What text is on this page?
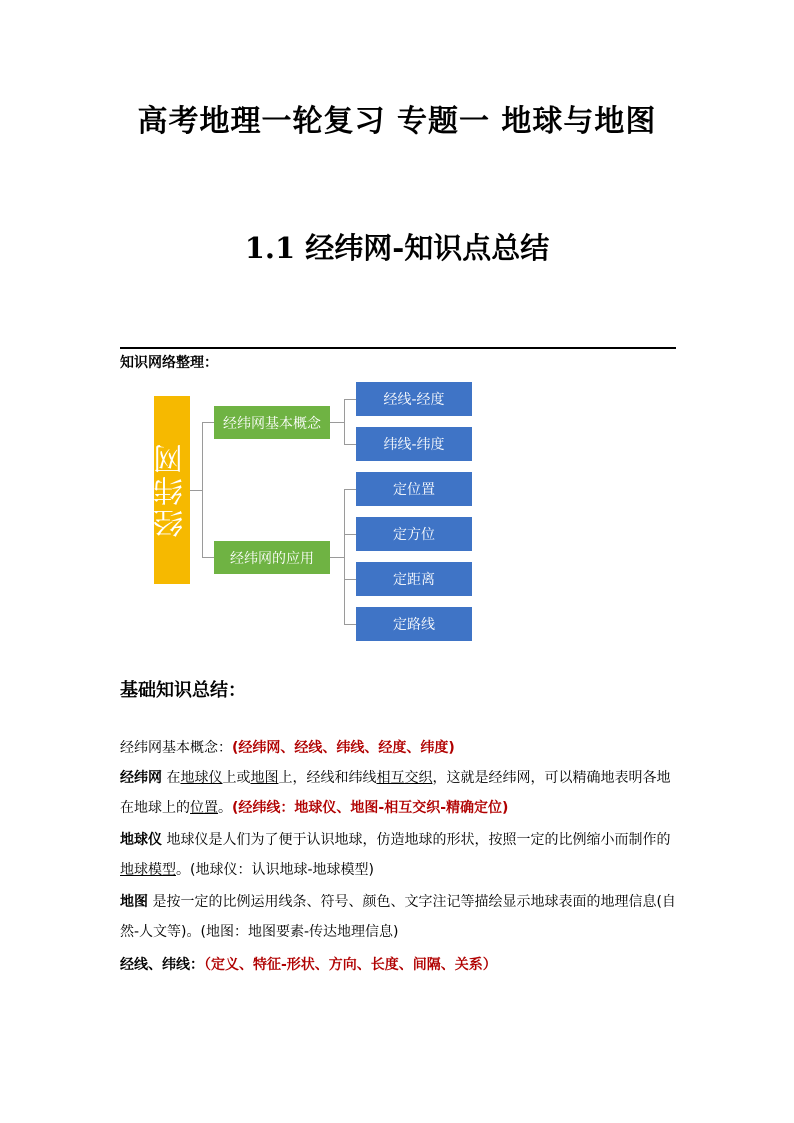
高考地理一轮复习 专题一 地球与地图
1.1 经纬网-知识点总结
知识网络整理：
经纬网
经纬网基本概念
经纬网的应用
经线-经度
纬线-纬度
定位置
定方位
定距离
定路线
基础知识总结：
经纬网基本概念：(经纬网、经线、纬线、经度、纬度)
经纬网 在地球仪上或地图上，经线和纬线相互交织，这就是经纬网，可以精确地表明各地在地球上的位置。(经纬线：地球仪、地图-相互交织-精确定位)
地球仪 地球仪是人们为了便于认识地球，仿造地球的形状，按照一定的比例缩小而制作的地球模型。(地球仪：认识地球-地球模型)
地图 是按一定的比例运用线条、符号、颜色、文字注记等描绘显示地球表面的地理信息(自然-人文等)。(地图：地图要素-传达地理信息)
经线、纬线：（定义、特征-形状、方向、长度、间隔、关系）
